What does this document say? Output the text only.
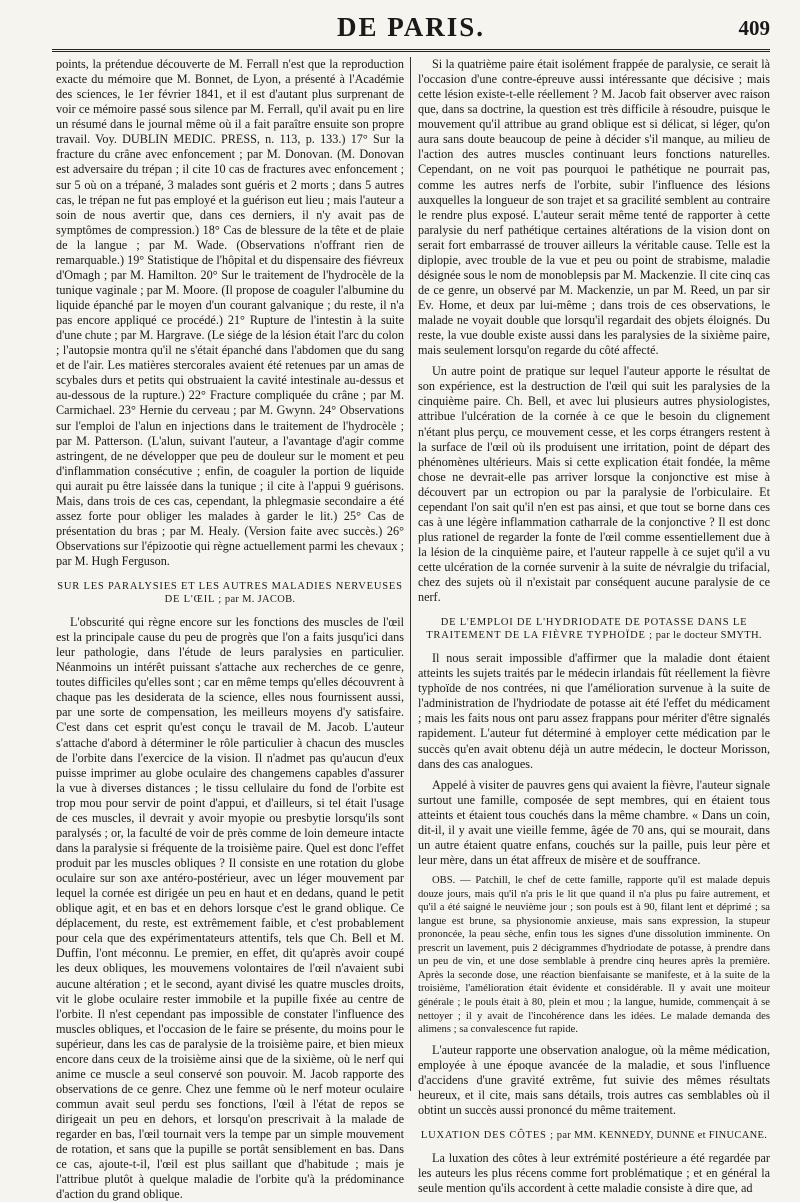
DE PARIS.	409

points, la prétendue découverte de M. Ferrall n'est que la reproduction exacte du mémoire que M. Bonnet, de Lyon, a présenté à l'Académie des sciences, le 1er février 1841, et il est d'autant plus surprenant de voir ce mémoire passé sous silence par M. Ferrall, qu'il avait pu en lire un résumé dans le journal même où il a fait paraître ensuite son propre travail. Voy. DUBLIN MEDIC. PRESS, n. 113, p. 133.) 17° Sur la fracture du crâne avec enfoncement ; par M. Donovan. (M. Donovan est adversaire du trépan ; il cite 10 cas de fractures avec enfoncement ; sur 5 où on a trépané, 3 malades sont guéris et 2 morts ; dans 5 autres cas, le trépan ne fut pas employé et la guérison eut lieu ; mais l'auteur a soin de nous avertir que, dans ces derniers, il n'y avait pas de symptômes de compression.) 18° Cas de blessure de la tête et de plaie de la langue ; par M. Wade. (Observations n'offrant rien de remarquable.) 19° Statistique de l'hôpital et du dispensaire des fiévreux d'Omagh ; par M. Hamilton. 20° Sur le traitement de l'hydrocèle de la tunique vaginale ; par M. Moore. (Il propose de coaguler l'albumine du liquide épanché par le moyen d'un courant galvanique ; du reste, il n'a pas encore appliqué ce procédé.) 21° Rupture de l'intestin à la suite d'une chute ; par M. Hargrave. (Le siége de la lésion était l'arc du colon ; l'autopsie montra qu'il ne s'était épanché dans l'abdomen que du sang et de l'air. Les matières stercorales avaient été retenues par un amas de scybales durs et petits qui obstruaient la cavité intestinale au-dessus et au-dessous de la rupture.) 22° Fracture compliquée du crâne ; par M. Carmichael. 23° Hernie du cerveau ; par M. Gwynn. 24° Observations sur l'emploi de l'alun en injections dans le traitement de l'hydrocèle ; par M. Patterson. (L'alun, suivant l'auteur, a l'avantage d'agir comme astringent, de ne développer que peu de douleur sur le moment et peu d'inflammation consécutive ; enfin, de coaguler la portion de liquide qui aurait pu être laissée dans la tunique ; il cite à l'appui 9 guérisons. Mais, dans trois de ces cas, cependant, la phlegmasie secondaire a été assez forte pour obliger les malades à garder le lit.) 25° Cas de présentation du bras ; par M. Healy. (Version faite avec succès.) 26° Observations sur l'épizootie qui règne actuellement parmi les chevaux ; par M. Hugh Ferguson.

SUR LES PARALYSIES ET LES AUTRES MALADIES NERVEUSES DE L'ŒIL ; par M. JACOB.

L'obscurité qui règne encore sur les fonctions des muscles de l'œil est la principale cause du peu de progrès que l'on a faits jusqu'ici dans leur pathologie, dans l'étude de leurs paralysies en particulier. Néanmoins un intérêt puissant s'attache aux recherches de ce genre, toutes difficiles qu'elles sont ; car en même temps qu'elles découvrent à chaque pas les desiderata de la science, elles nous fournissent aussi, par une sorte de compensation, les meilleurs moyens d'y satisfaire. C'est dans cet esprit qu'est conçu le travail de M. Jacob. L'auteur s'attache d'abord à déterminer le rôle particulier à chacun des muscles de l'orbite dans l'exercice de la vision. Il n'admet pas qu'aucun d'eux puisse imprimer au globe oculaire des changemens capables d'assurer la vue à diverses distances ; le tissu cellulaire du fond de l'orbite est trop mou pour servir de point d'appui, et d'ailleurs, si tel était l'usage de ces muscles, il devrait y avoir myopie ou presbytie lorsqu'ils sont paralysés ; or, la faculté de voir de près comme de loin demeure intacte dans la paralysie si fréquente de la troisième paire. Quel est donc l'effet produit par les muscles obliques ? Il consiste en une rotation du globe oculaire sur son axe antéro-postérieur, avec un léger mouvement par lequel la cornée est dirigée un peu en haut et en dedans, quand le petit oblique agit, et en bas et en dehors lorsque c'est le grand oblique. Ce déplacement, du reste, est extrêmement faible, et c'est probablement pour cela que des expérimentateurs attentifs, tels que Ch. Bell et M. Duffin, l'ont méconnu. Le premier, en effet, dit qu'après avoir coupé les deux obliques, les mouvemens volontaires de l'œil n'avaient subi aucune altération ; et le second, ayant divisé les quatre muscles droits, vit le globe oculaire rester immobile et la pupille fixée au centre de l'orbite. Il n'est cependant pas impossible de constater l'influence des muscles obliques, et l'occasion de le faire se présente, du moins pour le supérieur, dans les cas de paralysie de la troisième paire, et bien mieux encore dans ceux de la troisième ainsi que de la sixième, où le nerf qui anime ce muscle a seul conservé son pouvoir. M. Jacob rapporte des observations de ce genre. Chez une femme où le nerf moteur oculaire commun avait seul perdu ses fonctions, l'œil à l'état de repos se dirigeait un peu en dehors, et lorsqu'on prescrivait à la malade de regarder en bas, l'œil tournait vers la tempe par un simple mouvement de rotation, et sans que la pupille se portât sensiblement en bas. Dans ce cas, ajoute-t-il, l'œil est plus saillant que d'habitude ; mais je l'attribue plutôt à quelque maladie de l'orbite qu'à la prédominance d'action du grand oblique.

Si la quatrième paire était isolément frappée de paralysie, ce serait là l'occasion d'une contre-épreuve aussi intéressante que décisive ; mais cette lésion existe-t-elle réellement ? M. Jacob fait observer avec raison que, dans sa doctrine, la question est très difficile à résoudre, puisque le mouvement qu'il attribue au grand oblique est si délicat, si léger, qu'on aura sans doute beaucoup de peine à décider s'il manque, au milieu de l'action des autres muscles continuant leurs fonctions naturelles. Cependant, on ne voit pas pourquoi le pathétique ne pourrait pas, comme les autres nerfs de l'orbite, subir l'influence des lésions auxquelles la longueur de son trajet et sa gracilité semblent au contraire le rendre plus exposé. L'auteur serait même tenté de rapporter à cette paralysie du nerf pathétique certaines altérations de la vision dont on serait fort embarrassé de trouver ailleurs la véritable cause. Telle est la diplopie, avec trouble de la vue et peu ou point de strabisme, maladie désignée sous le nom de monoblepsis par M. Mackenzie. Il cite cinq cas de ce genre, un observé par M. Mackenzie, un par M. Reed, un par sir Ev. Home, et deux par lui-même ; dans trois de ces observations, le malade ne voyait double que lorsqu'il regardait des objets éloignés. Du reste, la vue double existe aussi dans les paralysies de la sixième paire, mais seulement lorsqu'on regarde du côté affecté.

Un autre point de pratique sur lequel l'auteur apporte le résultat de son expérience, est la destruction de l'œil qui suit les paralysies de la cinquième paire. Ch. Bell, et avec lui plusieurs autres physiologistes, attribue l'ulcération de la cornée à ce que le besoin du clignement n'étant plus perçu, ce mouvement cesse, et les corps étrangers restent à la surface de l'œil où ils produisent une irritation, point de départ des phénomènes ultérieurs. Mais si cette explication était fondée, la même chose ne devrait-elle pas arriver lorsque la conjonctive est mise à découvert par un ectropion ou par la paralysie de l'orbiculaire. Et cependant l'on sait qu'il n'en est pas ainsi, et que tout se borne dans ces cas à une légère inflammation catharrale de la conjonctive ? Il est donc plus rationel de regarder la fonte de l'œil comme essentiellement due à la lésion de la cinquième paire, et l'auteur rappelle à ce sujet qu'il a vu cette ulcération de la cornée survenir à la suite de névralgie du trifacial, chez des sujets où il n'existait par conséquent aucune paralysie de ce nerf.

DE L'EMPLOI DE L'HYDRIODATE DE POTASSE DANS LE TRAITEMENT DE LA FIÈVRE TYPHOÏDE ; par le docteur SMYTH.

Il nous serait impossible d'affirmer que la maladie dont étaient atteints les sujets traités par le médecin irlandais fût réellement la fièvre typhoïde de nos contrées, ni que l'amélioration survenue à la suite de l'administration de l'hydriodate de potasse ait été l'effet du médicament ; mais les faits nous ont paru assez frappans pour mériter d'être signalés rapidement. L'auteur fut déterminé à employer cette médication par le succès qu'en avait obtenu déjà un autre médecin, le docteur Morisson, dans des cas analogues.

Appelé à visiter de pauvres gens qui avaient la fièvre, l'auteur signale surtout une famille, composée de sept membres, qui en étaient tous atteints et étaient tous couchés dans la même chambre. « Dans un coin, dit-il, il y avait une vieille femme, âgée de 70 ans, qui se mourait, dans un autre étaient quatre enfans, couchés sur la paille, puis leur père et leur mère, dans un état affreux de misère et de souffrance.

OBS. — Patchill, le chef de cette famille, rapporte qu'il est malade depuis douze jours, mais qu'il n'a pris le lit que quand il n'a plus pu faire autrement, et qu'il a été saigné le neuvième jour ; son pouls est à 90, filant lent et déprimé ; sa langue est brune, sa physionomie anxieuse, mais sans expression, la stupeur prononcée, la peau sèche, enfin tous les signes d'une dissolution imminente. On prescrit un lavement, puis 2 décigrammes d'hydriodate de potasse, à prendre dans un peu de vin, et une dose semblable à prendre cinq heures après la première. Après la seconde dose, une réaction bienfaisante se manifeste, et à la suite de la troisième, l'amélioration était évidente et considérable. Il y avait une moiteur générale ; le pouls était à 80, plein et mou ; la langue, humide, commençait à se nettoyer ; il y avait de l'incohérence dans les idées. Le malade demanda des alimens ; sa convalescence fut rapide.

L'auteur rapporte une observation analogue, où la même médication, employée à une époque avancée de la maladie, et sous l'influence d'accidens d'une gravité extrême, fut suivie des mêmes résultats heureux, et il cite, mais sans détails, trois autres cas semblables où il obtint un succès aussi prononcé du même traitement.

LUXATION DES CÔTES ; par MM. KENNEDY, DUNNE et FINUCANE.

La luxation des côtes à leur extrémité postérieure a été regardée par les auteurs les plus récens comme fort problématique ; et en général la seule mention qu'ils accordent à cette maladie consiste à dire que, ad
